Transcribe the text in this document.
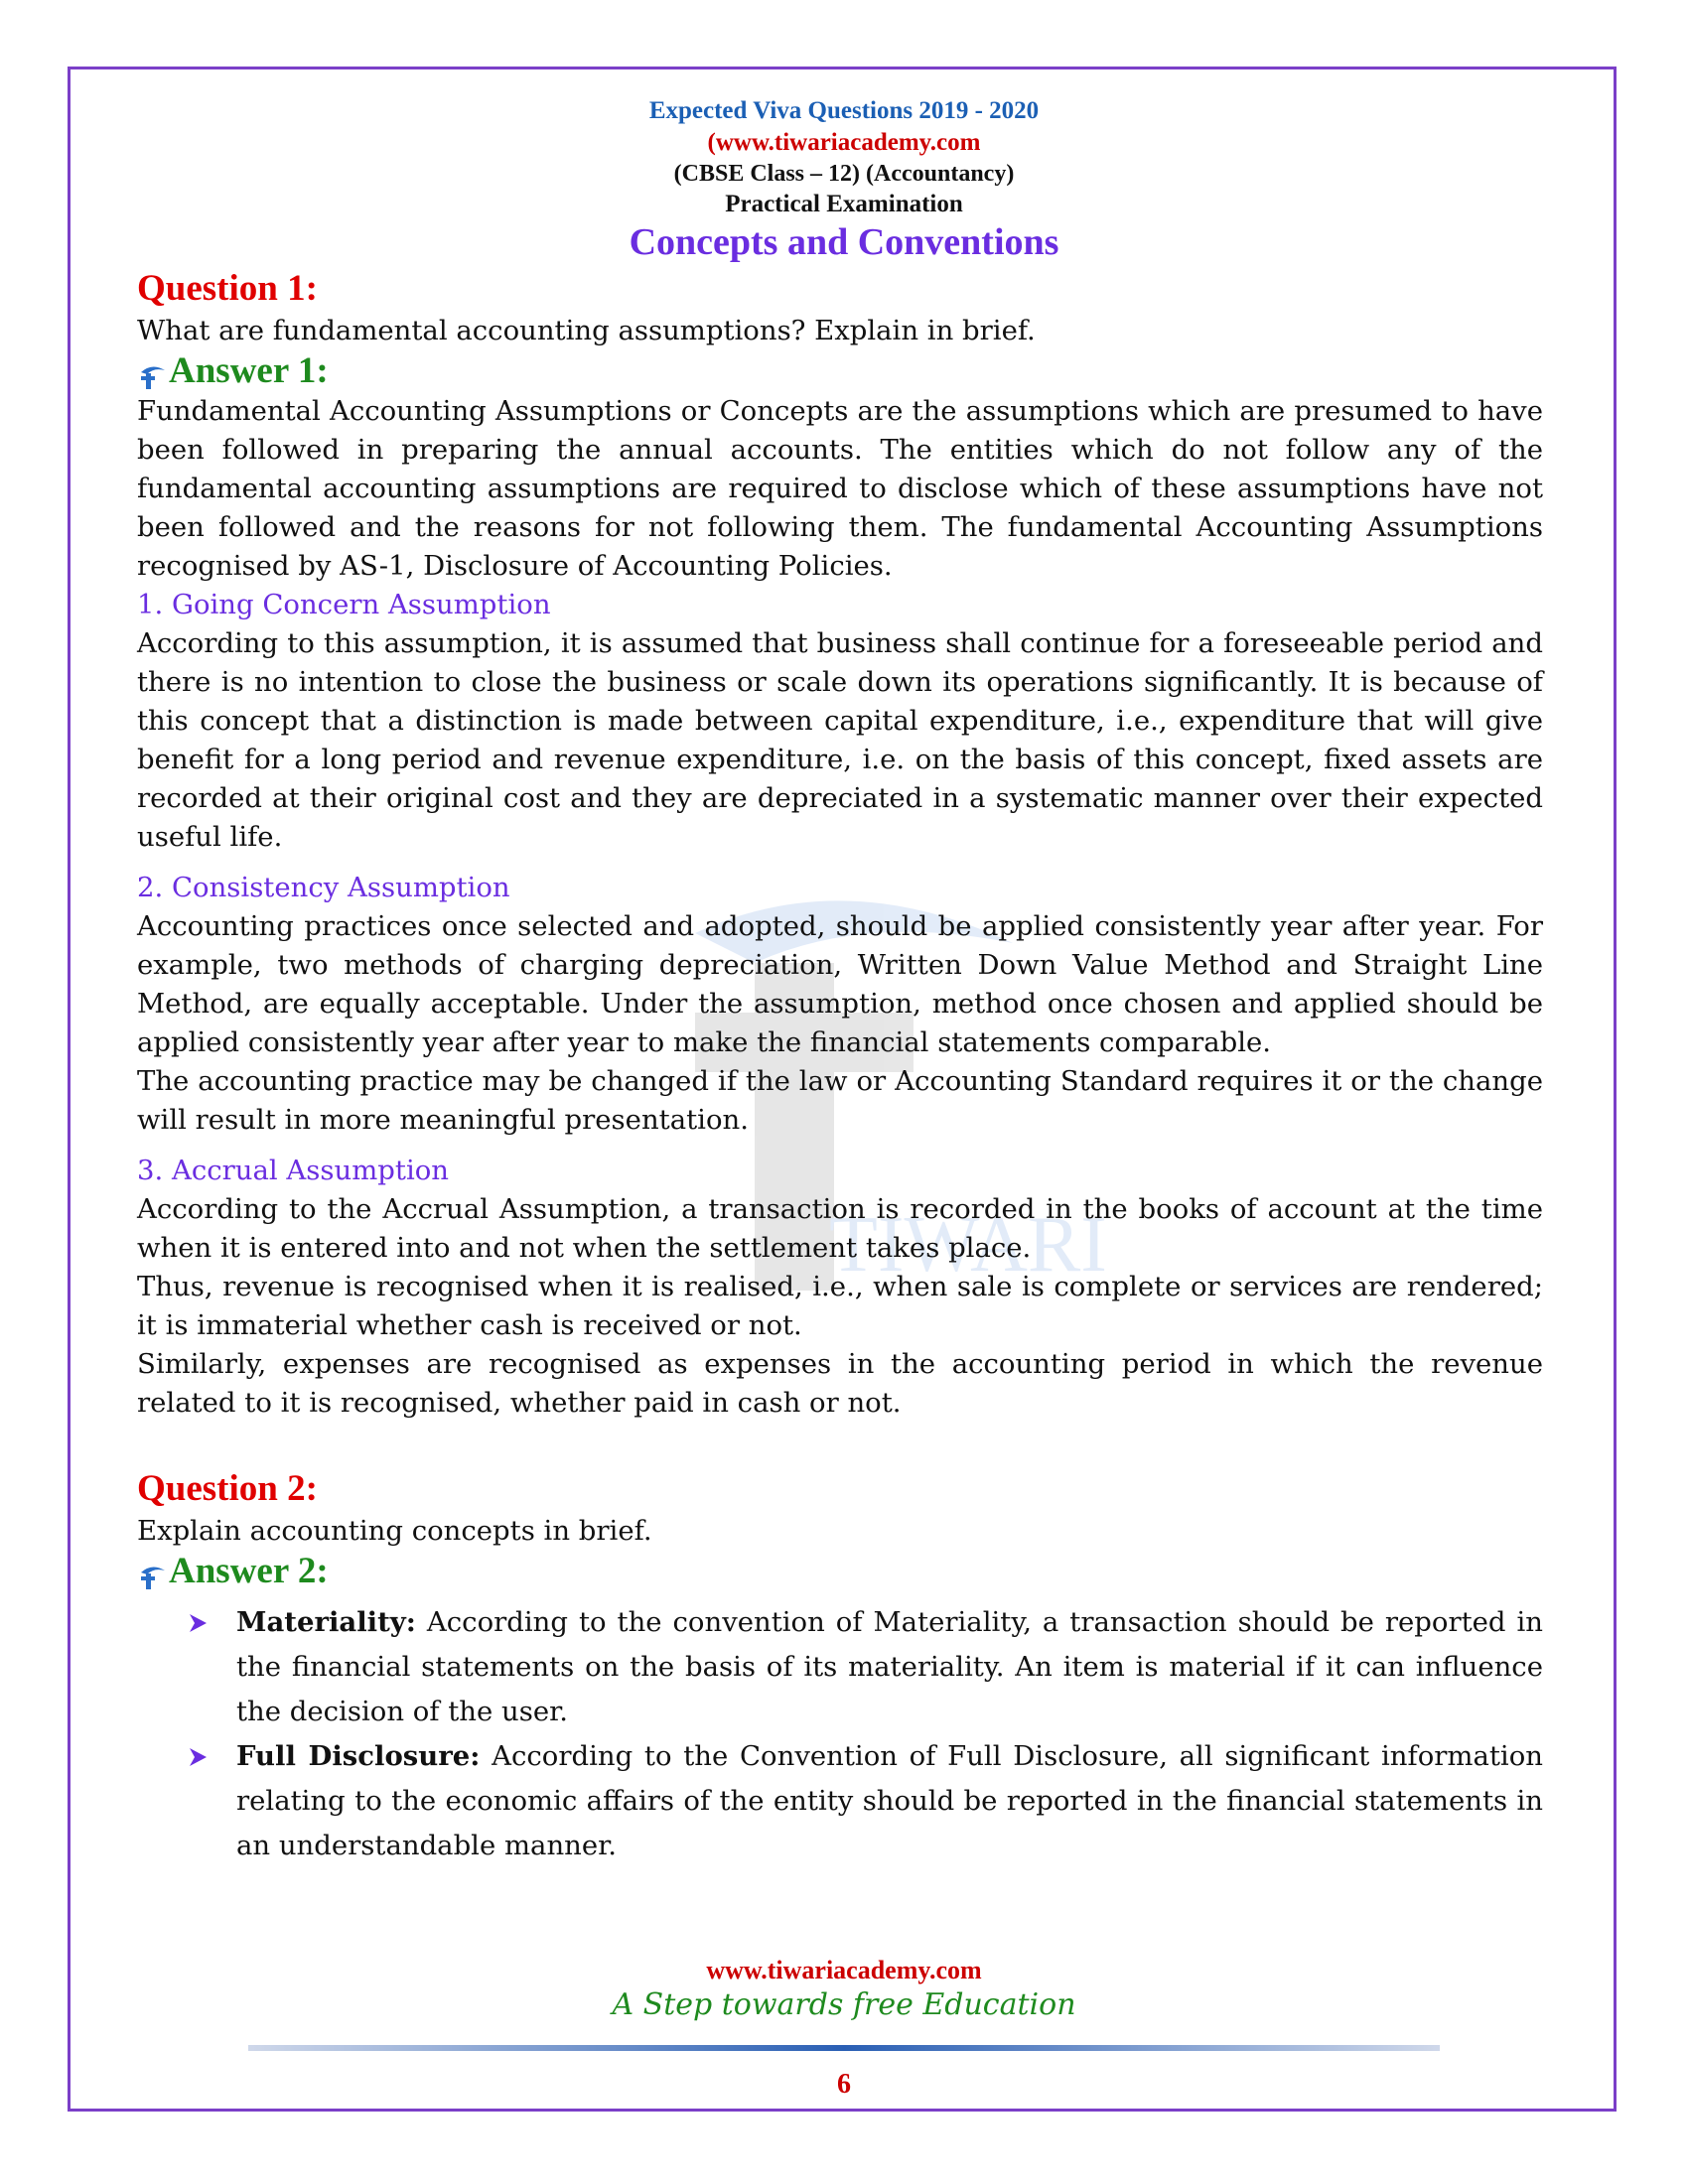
TIWARI
Expected Viva Questions 2019 - 2020
(www.tiwariacademy.com
(CBSE Class – 12) (Accountancy)
Practical Examination
Concepts and Conventions

Question 1:

What are fundamental accounting assumptions? Explain in brief.

Answer 1:

Fundamental Accounting Assumptions or Concepts are the assumptions which are presumed to have been followed in preparing the annual accounts. The entities which do not follow any of the fundamental accounting assumptions are required to disclose which of these assumptions have not been followed and the reasons for not following them. The fundamental Accounting Assumptions recognised by AS-1, Disclosure of Accounting Policies.

1. Going Concern Assumption

According to this assumption, it is assumed that business shall continue for a foreseeable period and there is no intention to close the business or scale down its operations significantly. It is because of this concept that a distinction is made between capital expenditure, i.e., expenditure that will give benefit for a long period and revenue expenditure, i.e. on the basis of this concept, fixed assets are recorded at their original cost and they are depreciated in a systematic manner over their expected useful life.

2. Consistency Assumption

Accounting practices once selected and adopted, should be applied consistently year after year. For example, two methods of charging depreciation, Written Down Value Method and Straight Line Method, are equally acceptable. Under the assumption, method once chosen and applied should be applied consistently year after year to make the financial statements comparable.

The accounting practice may be changed if the law or Accounting Standard requires it or the change will result in more meaningful presentation.

3. Accrual Assumption

According to the Accrual Assumption, a transaction is recorded in the books of account at the time when it is entered into and not when the settlement takes place.

Thus, revenue is recognised when it is realised, i.e., when sale is complete or services are rendered; it is immaterial whether cash is received or not.

Similarly, expenses are recognised as expenses in the accounting period in which the revenue related to it is recognised, whether paid in cash or not.

Question 2:

Explain accounting concepts in brief.

Answer 2:
Materiality: According to the convention of Materiality, a transaction should be reported in the financial statements on the basis of its materiality. An item is material if it can influence the decision of the user.
Full Disclosure: According to the Convention of Full Disclosure, all significant information relating to the economic affairs of the entity should be reported in the financial statements in an understandable manner.
www.tiwariacademy.com
A Step towards free Education
6
